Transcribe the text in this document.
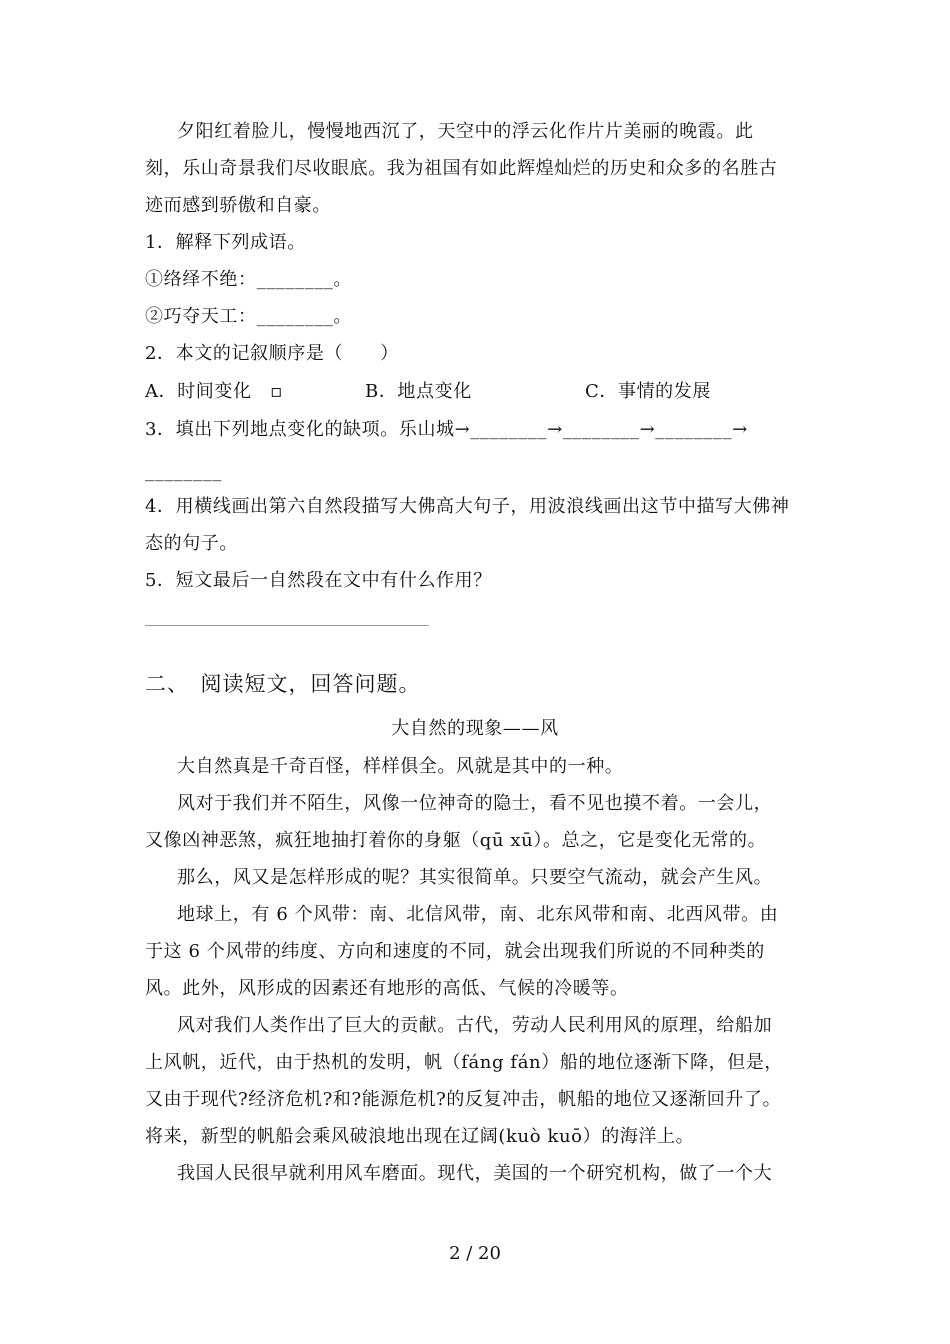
夕阳红着脸儿，慢慢地西沉了，天空中的浮云化作片片美丽的晚霞。此
刻，乐山奇景我们尽收眼底。我为祖国有如此辉煌灿烂的历史和众多的名胜古
迹而感到骄傲和自豪。
1．解释下列成语。
①络绎不绝：________。
②巧夺天工：________。
2．本文的记叙顺序是（　　）
A．时间变化　▫	B．地点变化	C．事情的发展
3．填出下列地点变化的缺项。乐山城→________→________→________→
________
4．用横线画出第六自然段描写大佛高大句子，用波浪线画出这节中描写大佛神
态的句子。
5．短文最后一自然段在文中有什么作用？
二、　阅读短文，回答问题。
大自然的现象——风
大自然真是千奇百怪，样样俱全。风就是其中的一种。
风对于我们并不陌生，风像一位神奇的隐士，看不见也摸不着。一会儿，
又像凶神恶煞，疯狂地抽打着你的身躯（qū xū）。总之，它是变化无常的。
那么，风又是怎样形成的呢？其实很简单。只要空气流动，就会产生风。
地球上，有 6 个风带：南、北信风带，南、北东风带和南、北西风带。由
于这 6 个风带的纬度、方向和速度的不同，就会出现我们所说的不同种类的
风。此外，风形成的因素还有地形的高低、气候的冷暖等。
风对我们人类作出了巨大的贡献。古代，劳动人民利用风的原理，给船加
上风帆，近代，由于热机的发明，帆（fáng fán）船的地位逐渐下降，但是，
又由于现代?经济危机?和?能源危机?的反复冲击，帆船的地位又逐渐回升了。
将来，新型的帆船会乘风破浪地出现在辽阔(kuò kuō）的海洋上。
我国人民很早就利用风车磨面。现代，美国的一个研究机构，做了一个大
2 / 20
